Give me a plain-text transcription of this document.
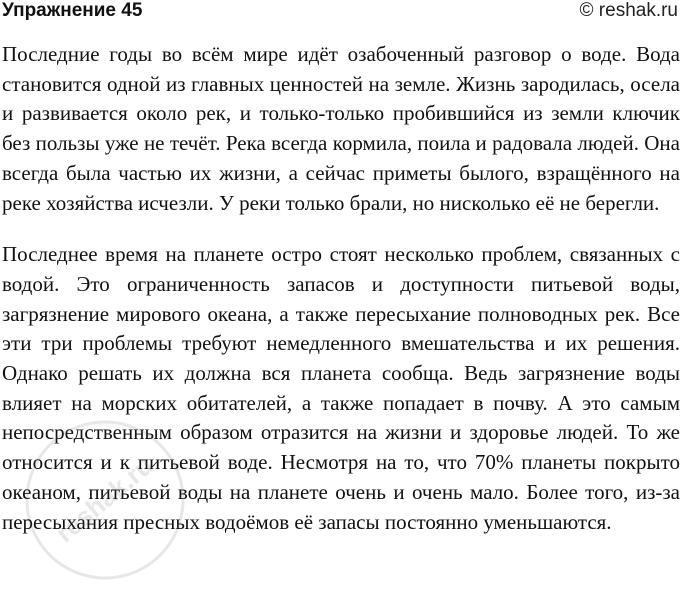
Упражнение 45	© reshak.ru

Последние годы во всём мире идёт озабоченный разговор о воде. Вода становится одной из главных ценностей на земле. Жизнь зародилась, осела и развивается около рек, и только-только пробившийся из земли ключик без пользы уже не течёт. Река всегда кормила, поила и радовала людей. Она всегда была частью их жизни, а сейчас приметы былого, взращённого на реке хозяйства исчезли. У реки только брали, но нисколько её не берегли.

Последнее время на планете остро стоят несколько проблем, связанных с водой. Это ограниченность запасов и доступности питьевой воды, загрязнение мирового океана, а также пересыхание полноводных рек. Все эти три проблемы требуют немедленного вмешательства и их решения. Однако решать их должна вся планета сообща. Ведь загрязнение воды влияет на морских обитателей, а также попадает в почву. А это самым непосредственным образом отразится на жизни и здоровье людей. То же относится и к питьевой воде. Несмотря на то, что 70% планеты покрыто океаном, питьевой воды на планете очень и очень мало. Более того, из-за пересыхания пресных водоёмов её запасы постоянно уменьшаются.

reshak.ru
